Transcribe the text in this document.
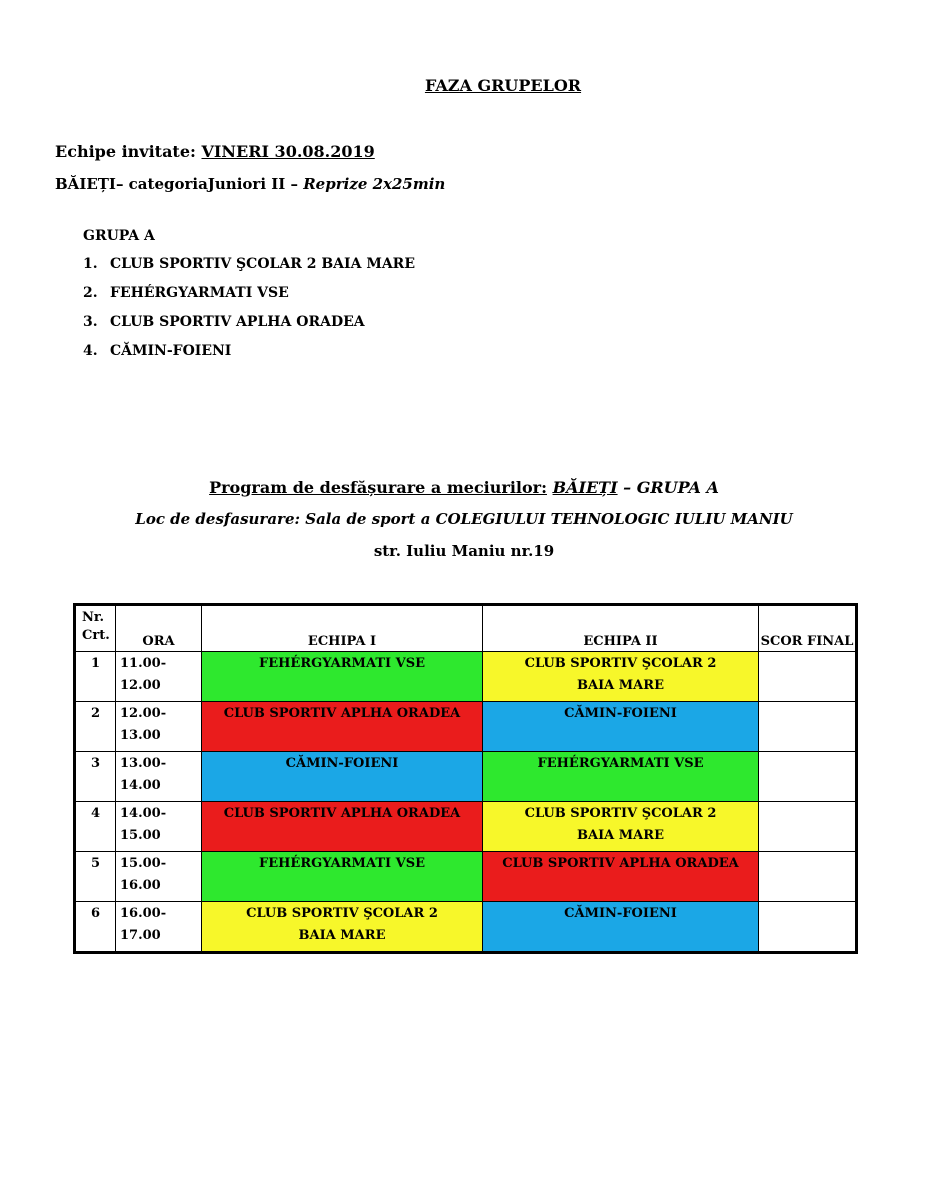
FAZA GRUPELOR
Echipe invitate: VINERI 30.08.2019
BĂIEȚI– categoriaJuniori II – Reprize 2x25min
GRUPA A
1. CLUB SPORTIV ŞCOLAR 2 BAIA MARE
2. FEHÉRGYARMATI VSE
3. CLUB SPORTIV APLHA ORADEA
4. CĂMIN-FOIENI
Program de desfășurare a meciurilor: BĂIEȚI – GRUPA A
Loc de desfasurare: Sala de sport a COLEGIULUI TEHNOLOGIC IULIU MANIU
str. Iuliu Maniu nr.19
Nr.
Crt.	ORA	ECHIPA I	ECHIPA II	SCOR FINAL
1	11.00-12.00	FEHÉRGYARMATI VSE	CLUB SPORTIV ŞCOLAR 2
BAIA MARE	
2	12.00-13.00	CLUB SPORTIV APLHA ORADEA	CĂMIN-FOIENI	
3	13.00-14.00	CĂMIN-FOIENI	FEHÉRGYARMATI VSE	
4	14.00-15.00	CLUB SPORTIV APLHA ORADEA	CLUB SPORTIV ŞCOLAR 2
BAIA MARE	
5	15.00-16.00	FEHÉRGYARMATI VSE	CLUB SPORTIV APLHA ORADEA	
6	16.00-17.00	CLUB SPORTIV ŞCOLAR 2
BAIA MARE	CĂMIN-FOIENI	
